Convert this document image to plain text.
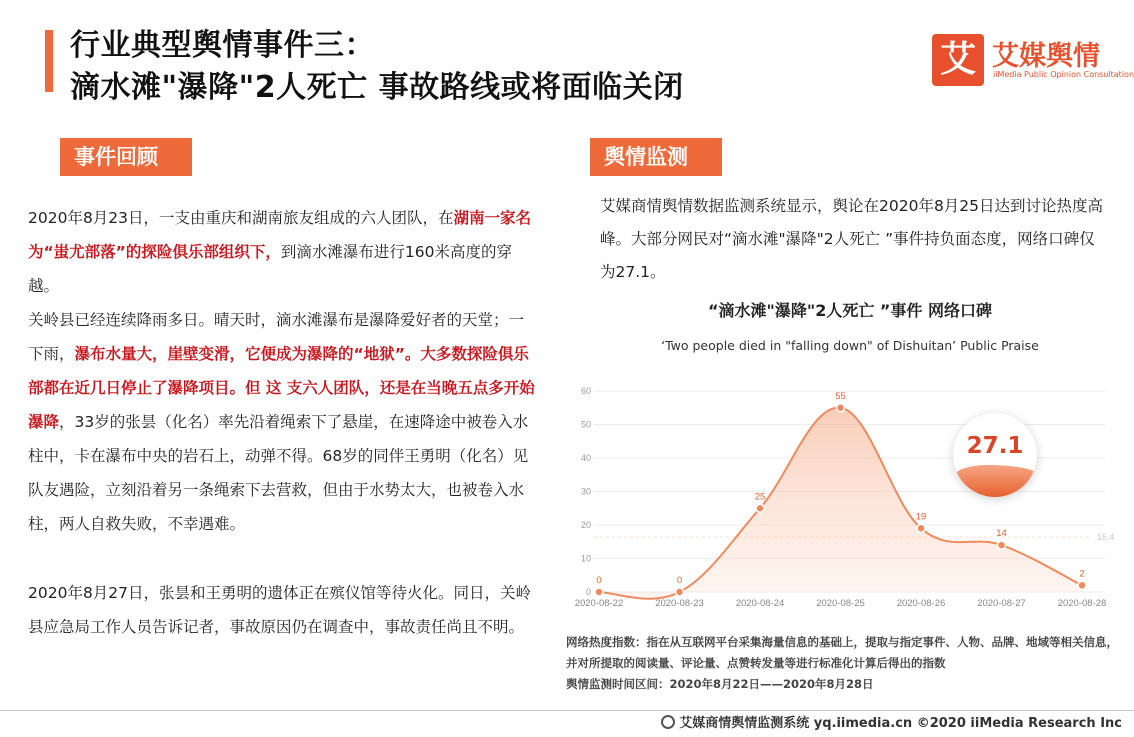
行业典型舆情事件三：
滴水滩"瀑降"2人死亡 事故路线或将面临关闭
艾 艾媒舆情
iiMedia Public Opinion Consultation
事件回顾	舆情监测

2020年8月23日，一支由重庆和湖南旅友组成的六人团队，在湖南一家名为“蚩尤部落”的探险俱乐部组织下，到滴水滩瀑布进行160米高度的穿越。

关岭县已经连续降雨多日。晴天时，滴水滩瀑布是瀑降爱好者的天堂；一下雨，瀑布水量大，崖壁变滑，它便成为瀑降的“地狱”。大多数探险俱乐部都在近几日停止了瀑降项目。但 这 支六人团队，还是在当晚五点多开始瀑降，33岁的张昙（化名）率先沿着绳索下了悬崖，在速降途中被卷入水柱中，卡在瀑布中央的岩石上，动弹不得。68岁的同伴王勇明（化名）见队友遇险，立刻沿着另一条绳索下去营救，但由于水势太大，也被卷入水柱，两人自救失败，不幸遇难。

2020年8月27日，张昙和王勇明的遗体正在殡仪馆等待火化。同日，关岭县应急局工作人员告诉记者，事故原因仍在调查中，事故责任尚且不明。

艾媒商情舆情数据监测系统显示，舆论在2020年8月25日达到讨论热度高峰。大部分网民对“滴水滩"瀑降"2人死亡 ”事件持负面态度，网络口碑仅为27.1。
“滴水滩"瀑降"2人死亡 ”事件 网络口碑
‘Two people died in "falling down" of Dishuitan’ Public Praise
0
10
20
30
40
50
60
16.4
0	0
25
55
19
14
2
2020-08-22	2020-08-23	2020-08-24	2020-08-25	2020-08-26	2020-08-27	2020-08-28
27.1
网络热度指数：指在从互联网平台采集海量信息的基础上，提取与指定事件、人物、品牌、地域等相关信息，并对所提取的阅读量、评论量、点赞转发量等进行标准化计算后得出的指数
舆情监测时间区间：2020年8月22日——2020年8月28日
艾媒商情舆情监测系统 yq.iimedia.cn ©2020 iiMedia Research Inc
